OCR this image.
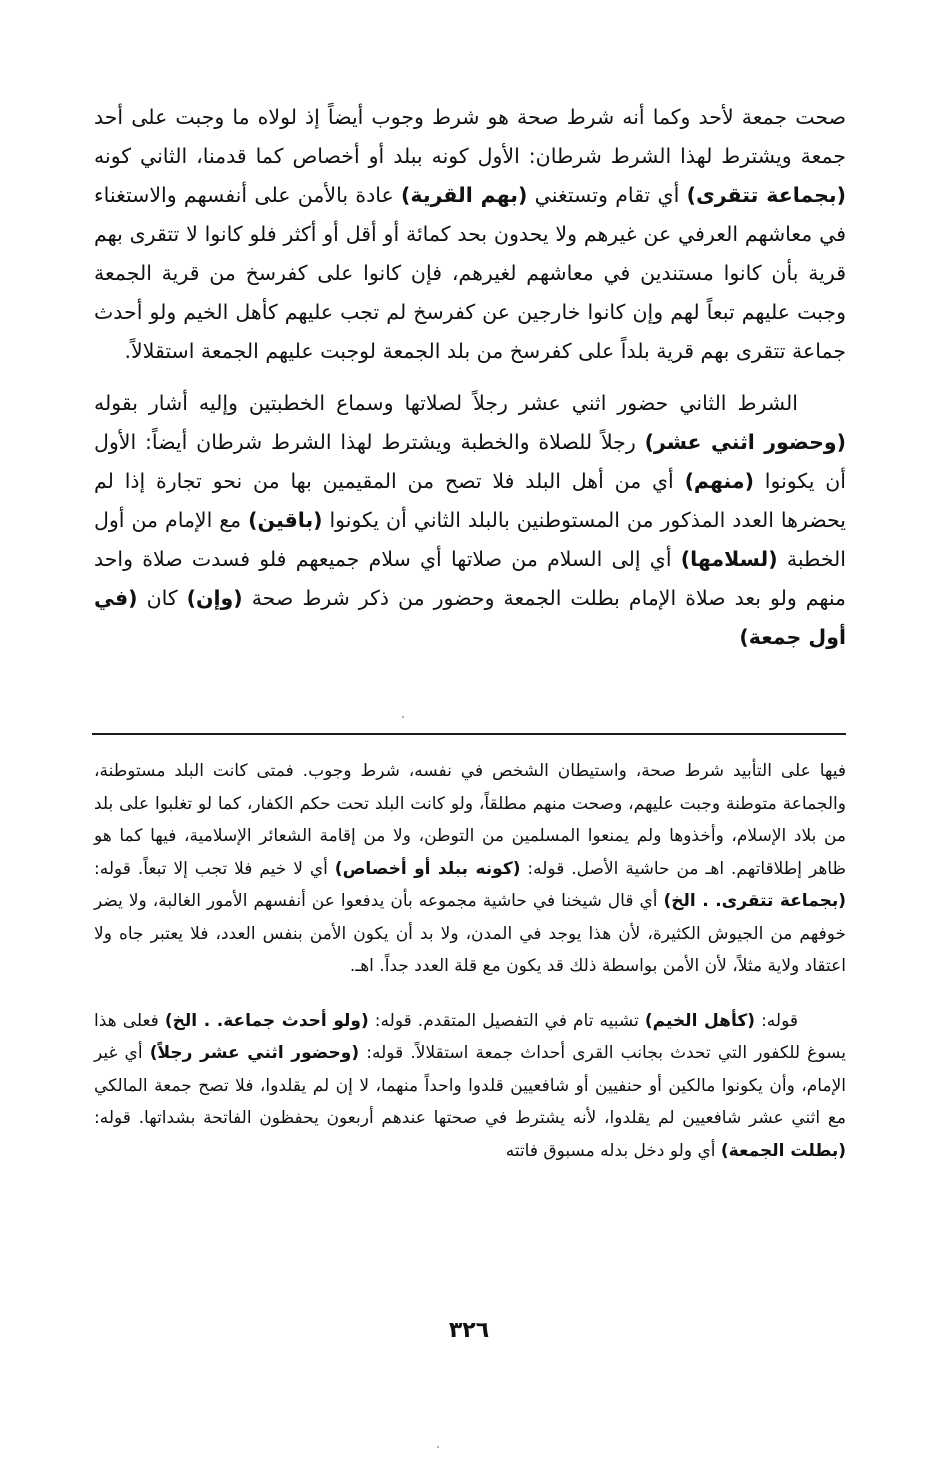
صحت جمعة لأحد وكما أنه شرط صحة هو شرط وجوب أيضاً إذ لولاه ما وجبت على أحد جمعة ويشترط لهذا الشرط شرطان: الأول كونه ببلد أو أخصاص كما قدمنا، الثاني كونه (بجماعة تتقرى) أي تقام وتستغني (بهم القرية) عادة بالأمن على أنفسهم والاستغناء في معاشهم العرفي عن غيرهم ولا يحدون بحد كمائة أو أقل أو أكثر فلو كانوا لا تتقرى بهم قرية بأن كانوا مستندين في معاشهم لغيرهم، فإن كانوا على كفرسخ من قرية الجمعة وجبت عليهم تبعاً لهم وإن كانوا خارجين عن كفرسخ لم تجب عليهم كأهل الخيم ولو أحدث جماعة تتقرى بهم قرية بلداً على كفرسخ من بلد الجمعة لوجبت عليهم الجمعة استقلالاً.

الشرط الثاني حضور اثني عشر رجلاً لصلاتها وسماع الخطبتين وإليه أشار بقوله (وحضور اثني عشر) رجلاً للصلاة والخطبة ويشترط لهذا الشرط شرطان أيضاً: الأول أن يكونوا (منهم) أي من أهل البلد فلا تصح من المقيمين بها من نحو تجارة إذا لم يحضرها العدد المذكور من المستوطنين بالبلد الثاني أن يكونوا (باقين) مع الإمام من أول الخطبة (لسلامها) أي إلى السلام من صلاتها أي سلام جميعهم فلو فسدت صلاة واحد منهم ولو بعد صلاة الإمام بطلت الجمعة وحضور من ذكر شرط صحة (وإن) كان (في أول جمعة)

فيها على التأبيد شرط صحة، واستيطان الشخص في نفسه، شرط وجوب. فمتى كانت البلد مستوطنة، والجماعة متوطنة وجبت عليهم، وصحت منهم مطلقاً، ولو كانت البلد تحت حكم الكفار، كما لو تغلبوا على بلد من بلاد الإسلام، وأخذوها ولم يمنعوا المسلمين من التوطن، ولا من إقامة الشعائر الإسلامية، فيها كما هو ظاهر إطلاقاتهم. اهـ من حاشية الأصل. قوله: (كونه ببلد أو أخصاص) أي لا خيم فلا تجب إلا تبعاً. قوله: (بجماعة تتقرى. . الخ) أي قال شيخنا في حاشية مجموعه بأن يدفعوا عن أنفسهم الأمور الغالبة، ولا يضر خوفهم من الجيوش الكثيرة، لأن هذا يوجد في المدن، ولا بد أن يكون الأمن بنفس العدد، فلا يعتبر جاه ولا اعتقاد ولاية مثلاً، لأن الأمن بواسطة ذلك قد يكون مع قلة العدد جداً. اهـ.

قوله: (كأهل الخيم) تشبيه تام في التفصيل المتقدم. قوله: (ولو أحدث جماعة. . الخ) فعلى هذا يسوغ للكفور التي تحدث بجانب القرى أحداث جمعة استقلالاً. قوله: (وحضور اثني عشر رجلاً) أي غير الإمام، وأن يكونوا مالكين أو حنفيين أو شافعيين قلدوا واحداً منهما، لا إن لم يقلدوا، فلا تصح جمعة المالكي مع اثني عشر شافعيين لم يقلدوا، لأنه يشترط في صحتها عندهم أربعون يحفظون الفاتحة بشداتها. قوله: (بطلت الجمعة) أي ولو دخل بدله مسبوق فاتته

٣٢٦
